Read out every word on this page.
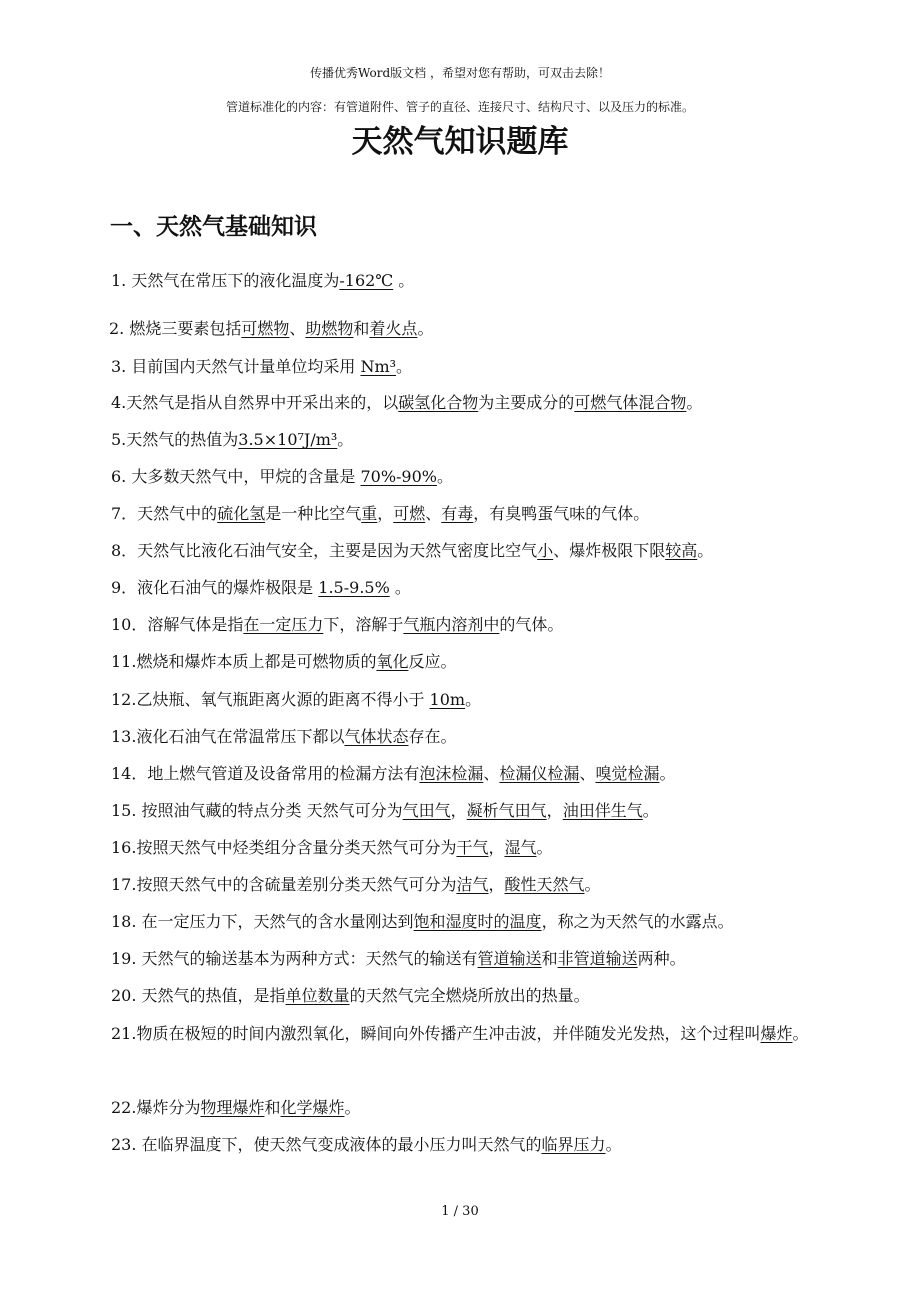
传播优秀Word版文档 ，希望对您有帮助，可双击去除！
管道标准化的内容：有管道附件、管子的直径、连接尺寸、结构尺寸、以及压力的标准。
天然气知识题库
一、天然气基础知识
1. 天然气在常压下的液化温度为-162℃ 。
2. 燃烧三要素包括可燃物、助燃物和着火点。
3. 目前国内天然气计量单位均采用 Nm³。
4.天然气是指从自然界中开采出来的，以碳氢化合物为主要成分的可燃气体混合物。
5.天然气的热值为3.5×10⁷J/m³。
6. 大多数天然气中，甲烷的含量是 70%-90%。
7．天然气中的硫化氢是一种比空气重，可燃、有毒，有臭鸭蛋气味的气体。
8．天然气比液化石油气安全，主要是因为天然气密度比空气小、爆炸极限下限较高。
9．液化石油气的爆炸极限是 1.5-9.5% 。
10．溶解气体是指在一定压力下，溶解于气瓶内溶剂中的气体。
11.燃烧和爆炸本质上都是可燃物质的氧化反应。
12.乙炔瓶、氧气瓶距离火源的距离不得小于 10m。
13.液化石油气在常温常压下都以气体状态存在。
14．地上燃气管道及设备常用的检漏方法有泡沫检漏、检漏仪检漏、嗅觉检漏。
15. 按照油气藏的特点分类 天然气可分为气田气，凝析气田气，油田伴生气。
16.按照天然气中烃类组分含量分类天然气可分为干气，湿气。
17.按照天然气中的含硫量差别分类天然气可分为洁气，酸性天然气。
18. 在一定压力下，天然气的含水量刚达到饱和湿度时的温度，称之为天然气的水露点。
19. 天然气的输送基本为两种方式：天然气的输送有管道输送和非管道输送两种。
20. 天然气的热值，是指单位数量的天然气完全燃烧所放出的热量。
21.物质在极短的时间内激烈氧化，瞬间向外传播产生冲击波，并伴随发光发热，这个过程叫爆炸。
22.爆炸分为物理爆炸和化学爆炸。
23. 在临界温度下，使天然气变成液体的最小压力叫天然气的临界压力。
1 / 30
